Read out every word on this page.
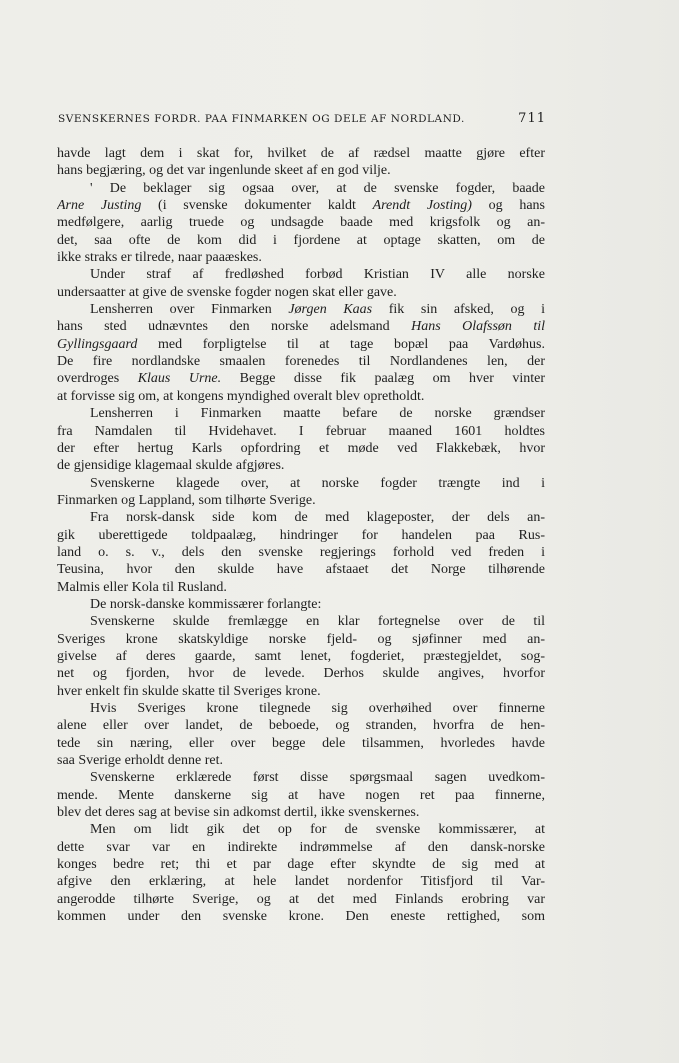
SVENSKERNES FORDR. PAA FINMARKEN OG DELE AF NORDLAND.	711
havde lagt dem i skat for, hvilket de af rædsel maatte gjøre efter
hans begjæring, og det var ingenlunde skeet af en god vilje.
' De beklager sig ogsaa over, at de svenske fogder, baade
Arne Justing (i svenske dokumenter kaldt Arendt Josting) og hans
medfølgere, aarlig truede og undsagde baade med krigsfolk og an-
det, saa ofte de kom did i fjordene at optage skatten, om de
ikke straks er tilrede, naar paaæskes.
Under straf af fredløshed forbød Kristian IV alle norske
undersaatter at give de svenske fogder nogen skat eller gave.
Lensherren over Finmarken Jørgen Kaas fik sin afsked, og i
hans sted udnævntes den norske adelsmand Hans Olafssøn til
Gyllingsgaard med forpligtelse til at tage bopæl paa Vardøhus.
De fire nordlandske smaalen forenedes til Nordlandenes len, der
overdroges Klaus Urne. Begge disse fik paalæg om hver vinter
at forvisse sig om, at kongens myndighed overalt blev opretholdt.
Lensherren i Finmarken maatte befare de norske grændser
fra Namdalen til Hvidehavet. I februar maaned 1601 holdtes
der efter hertug Karls opfordring et møde ved Flakkebæk, hvor
de gjensidige klagemaal skulde afgjøres.
Svenskerne klagede over, at norske fogder trængte ind i
Finmarken og Lappland, som tilhørte Sverige.
Fra norsk-dansk side kom de med klageposter, der dels an-
gik uberettigede toldpaalæg, hindringer for handelen paa Rus-
land o. s. v., dels den svenske regjerings forhold ved freden i
Teusina, hvor den skulde have afstaaet det Norge tilhørende
Malmis eller Kola til Rusland.
De norsk-danske kommissærer forlangte:
Svenskerne skulde fremlægge en klar fortegnelse over de til
Sveriges krone skatskyldige norske fjeld- og sjøfinner med an-
givelse af deres gaarde, samt lenet, fogderiet, præstegjeldet, sog-
net og fjorden, hvor de levede. Derhos skulde angives, hvorfor
hver enkelt fin skulde skatte til Sveriges krone.
Hvis Sveriges krone tilegnede sig overhøihed over finnerne
alene eller over landet, de beboede, og stranden, hvorfra de hen-
tede sin næring, eller over begge dele tilsammen, hvorledes havde
saa Sverige erholdt denne ret.
Svenskerne erklærede først disse spørgsmaal sagen uvedkom-
mende. Mente danskerne sig at have nogen ret paa finnerne,
blev det deres sag at bevise sin adkomst dertil, ikke svenskernes.
Men om lidt gik det op for de svenske kommissærer, at
dette svar var en indirekte indrømmelse af den dansk-norske
konges bedre ret; thi et par dage efter skyndte de sig med at
afgive den erklæring, at hele landet nordenfor Titisfjord til Var-
angerodde tilhørte Sverige, og at det med Finlands erobring var
kommen under den svenske krone. Den eneste rettighed, som
